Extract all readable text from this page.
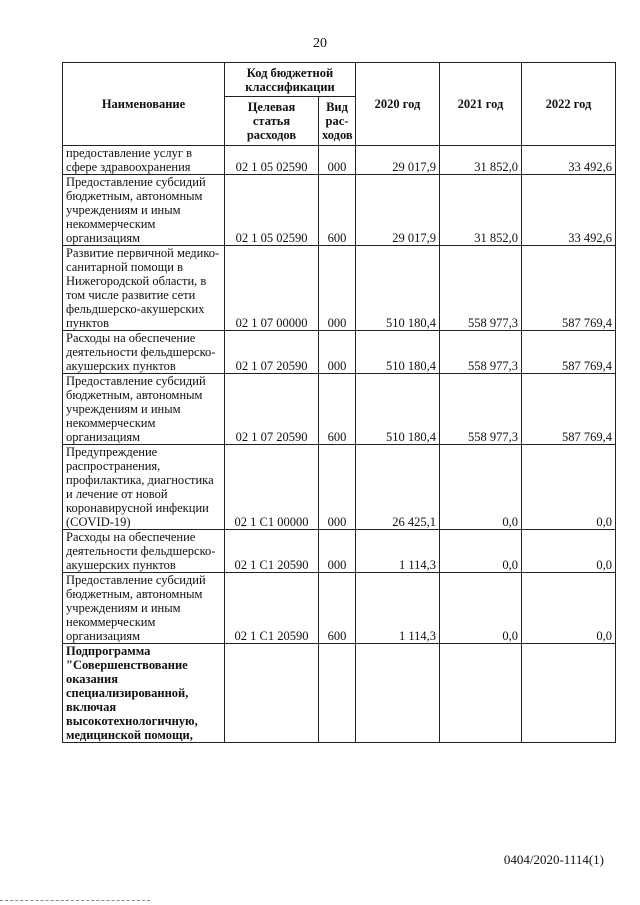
20
Наименование	Код бюджетной классификации		2020 год	2021 год	2022 год
	Целевая статья расходов	Вид рас-ходов			
предоставление услуг в сфере здравоохранения	02 1 05 02590	000	29 017,9	31 852,0	33 492,6
Предоставление субсидий бюджетным, автономным учреждениям и иным некоммерческим организациям	02 1 05 02590	600	29 017,9	31 852,0	33 492,6
Развитие первичной медико-санитарной помощи в Нижегородской области, в том числе развитие сети фельдшерско-акушерских пунктов	02 1 07 00000	000	510 180,4	558 977,3	587 769,4
Расходы на обеспечение деятельности фельдшерско-акушерских пунктов	02 1 07 20590	000	510 180,4	558 977,3	587 769,4
Предоставление субсидий бюджетным, автономным учреждениям и иным некоммерческим организациям	02 1 07 20590	600	510 180,4	558 977,3	587 769,4
Предупреждение распространения, профилактика, диагностика и лечение от новой коронавирусной инфекции (COVID-19)	02 1 C1 00000	000	26 425,1	0,0	0,0
Расходы на обеспечение деятельности фельдшерско-акушерских пунктов	02 1 C1 20590	000	1 114,3	0,0	0,0
Предоставление субсидий бюджетным, автономным учреждениям и иным некоммерческим организациям	02 1 C1 20590	600	1 114,3	0,0	0,0
Подпрограмма "Совершенствование оказания специализированной, включая высокотехнологичную, медицинской помощи,					
0404/2020-1114(1)
